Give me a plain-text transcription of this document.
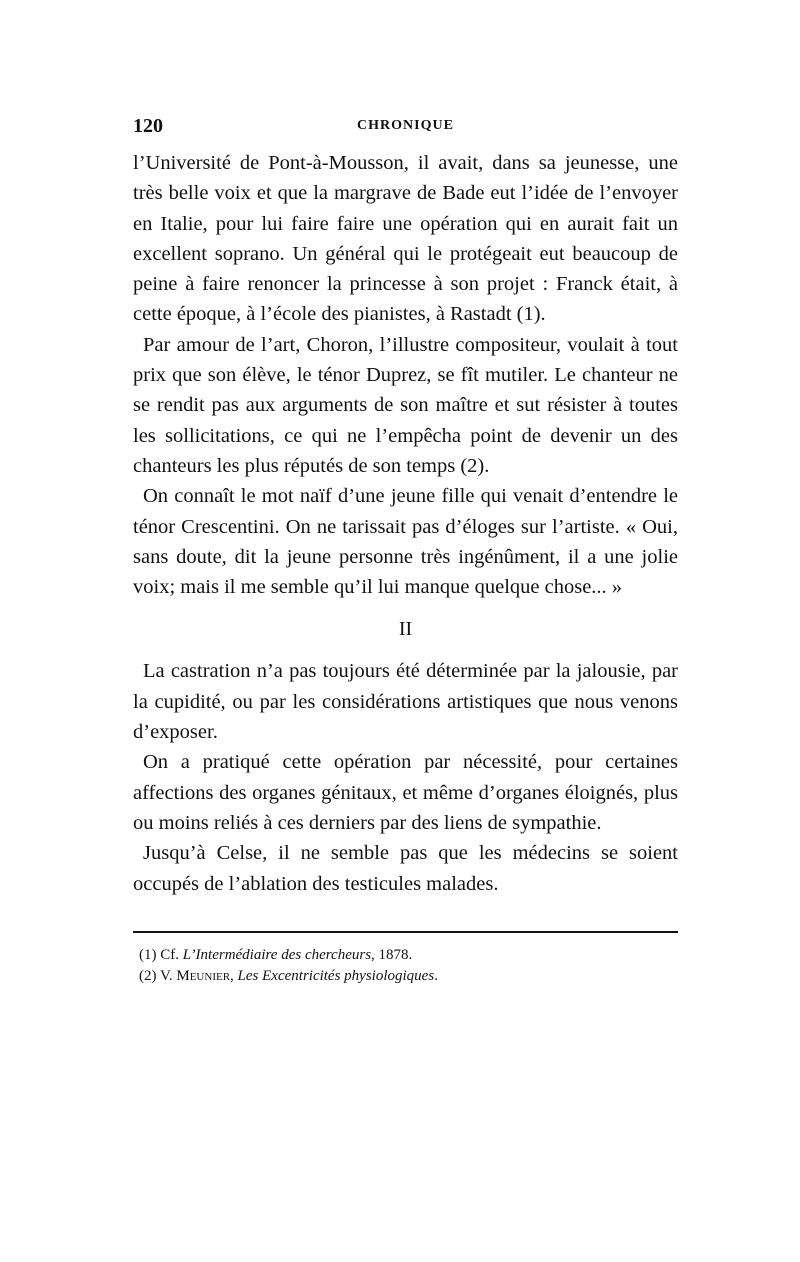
120	CHRONIQUE

l’Université de Pont-à-Mousson, il avait, dans sa jeunesse, une très belle voix et que la margrave de Bade eut l’idée de l’envoyer en Italie, pour lui faire faire une opération qui en aurait fait un excellent soprano. Un général qui le protégeait eut beaucoup de peine à faire renoncer la princesse à son projet : Franck était, à cette époque, à l’école des pianistes, à Rastadt (1).

Par amour de l’art, Choron, l’illustre compositeur, voulait à tout prix que son élève, le ténor Duprez, se fît mutiler. Le chanteur ne se rendit pas aux arguments de son maître et sut résister à toutes les sollicitations, ce qui ne l’empêcha point de devenir un des chanteurs les plus réputés de son temps (2).

On connaît le mot naïf d’une jeune fille qui venait d’entendre le ténor Crescentini. On ne tarissait pas d’éloges sur l’artiste. « Oui, sans doute, dit la jeune personne très ingénûment, il a une jolie voix; mais il me semble qu’il lui manque quelque chose... »

II

La castration n’a pas toujours été déterminée par la jalousie, par la cupidité, ou par les considérations artistiques que nous venons d’exposer.

On a pratiqué cette opération par nécessité, pour certaines affections des organes génitaux, et même d’organes éloignés, plus ou moins reliés à ces derniers par des liens de sympathie.

Jusqu’à Celse, il ne semble pas que les médecins se soient occupés de l’ablation des testicules malades.

(1) Cf. L’Intermédiaire des chercheurs, 1878.

(2) V. Meunier, Les Excentricités physiologiques.
